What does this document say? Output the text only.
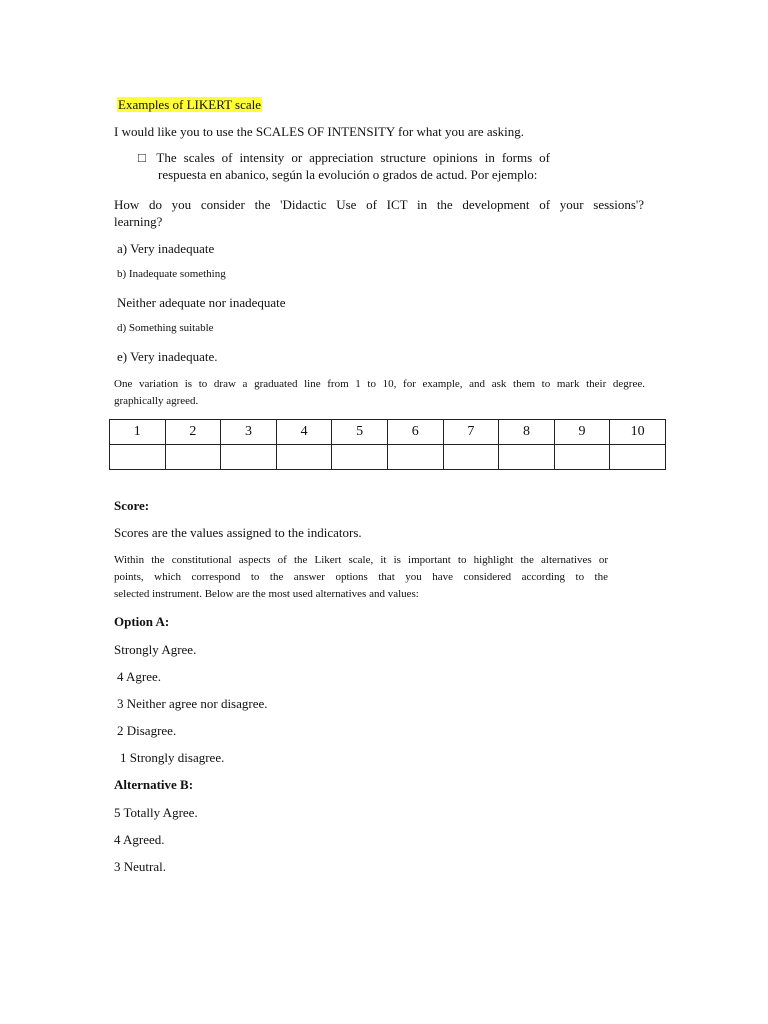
Examples of LIKERT scale
I would like you to use the SCALES OF INTENSITY for what you are asking.
□ The scales of intensity or appreciation structure opinions in forms of
respuesta en abanico, según la evolución o grados de actud. Por ejemplo:
How do you consider the 'Didactic Use of ICT in the development of your sessions'?
learning?
a) Very inadequate
b) Inadequate something
Neither adequate nor inadequate
d) Something suitable
e) Very inadequate.
One variation is to draw a graduated line from 1 to 10, for example, and ask them to mark their degree.
graphically agreed.
1	2	3	4	5	6	7	8	9	10

Score:
Scores are the values assigned to the indicators.
Within the constitutional aspects of the Likert scale, it is important to highlight the alternatives or
points, which correspond to the answer options that you have considered according to the
selected instrument. Below are the most used alternatives and values:
Option A:
Strongly Agree.
4 Agree.
3 Neither agree nor disagree.
2 Disagree.
1 Strongly disagree.
Alternative B:
5 Totally Agree.
4 Agreed.
3 Neutral.
